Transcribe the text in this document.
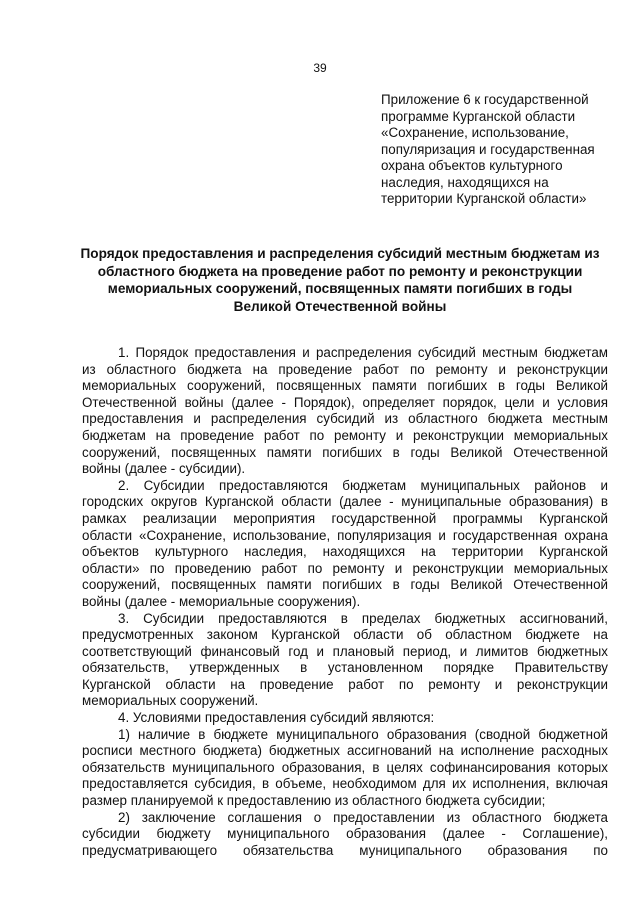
39
Приложение 6 к государственной
программе Курганской области
«Сохранение, использование,
популяризация и государственная
охрана объектов культурного
наследия, находящихся на
территории Курганской области»
Порядок предоставления и распределения субсидий местным бюджетам из
областного бюджета на проведение работ по ремонту и реконструкции
мемориальных сооружений, посвященных памяти погибших в годы
Великой Отечественной войны
1. Порядок предоставления и распределения субсидий местным бюджетам
из областного бюджета на проведение работ по ремонту и реконструкции
мемориальных сооружений, посвященных памяти погибших в годы Великой
Отечественной войны (далее - Порядок), определяет порядок, цели и условия
предоставления и распределения субсидий из областного бюджета местным
бюджетам на проведение работ по ремонту и реконструкции мемориальных
сооружений, посвященных памяти погибших в годы Великой Отечественной
войны (далее - субсидии).
2. Субсидии предоставляются бюджетам муниципальных районов и
городских округов Курганской области (далее - муниципальные образования) в
рамках реализации мероприятия государственной программы Курганской
области «Сохранение, использование, популяризация и государственная охрана
объектов культурного наследия, находящихся на территории Курганской
области» по проведению работ по ремонту и реконструкции мемориальных
сооружений, посвященных памяти погибших в годы Великой Отечественной
войны (далее - мемориальные сооружения).
3. Субсидии предоставляются в пределах бюджетных ассигнований,
предусмотренных законом Курганской области об областном бюджете на
соответствующий финансовый год и плановый период, и лимитов бюджетных
обязательств, утвержденных в установленном порядке Правительству
Курганской области на проведение работ по ремонту и реконструкции
мемориальных сооружений.
4. Условиями предоставления субсидий являются:
1) наличие в бюджете муниципального образования (сводной бюджетной
росписи местного бюджета) бюджетных ассигнований на исполнение расходных
обязательств муниципального образования, в целях софинансирования которых
предоставляется субсидия, в объеме, необходимом для их исполнения, включая
размер планируемой к предоставлению из областного бюджета субсидии;
2) заключение соглашения о предоставлении из областного бюджета
субсидии бюджету муниципального образования (далее - Соглашение),
предусматривающего обязательства муниципального образования по
